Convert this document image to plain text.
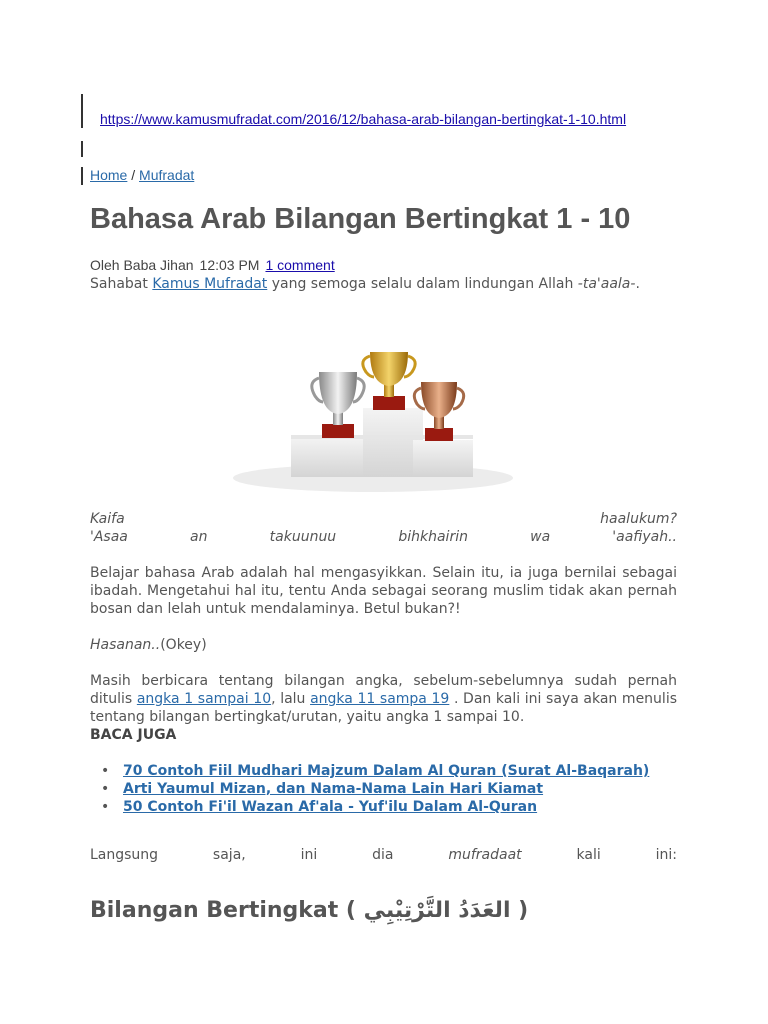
https://www.kamusmufradat.com/2016/12/bahasa-arab-bilangan-bertingkat-1-10.html
Home / Mufradat
Bahasa Arab Bilangan Bertingkat 1 - 10
Oleh Baba Jihan 12:03 PM 1 comment

Sahabat Kamus Mufradat yang semoga selalu dalam lindungan Allah -ta'aala-.

Kaifa haalukum?
'Asaa an takuunuu bihkhairin wa 'aafiyah..

Belajar bahasa Arab adalah hal mengasyikkan. Selain itu, ia juga bernilai sebagai ibadah. Mengetahui hal itu, tentu Anda sebagai seorang muslim tidak akan pernah bosan dan lelah untuk mendalaminya. Betul bukan?!

Hasanan..(Okey)

Masih berbicara tentang bilangan angka, sebelum-sebelumnya sudah pernah ditulis angka 1 sampai 10, lalu angka 11 sampa 19 . Dan kali ini saya akan menulis tentang bilangan bertingkat/urutan, yaitu angka 1 sampai 10.

BACA JUGA
• 70 Contoh Fiil Mudhari Majzum Dalam Al Quran (Surat Al-Baqarah)
• Arti Yaumul Mizan, dan Nama-Nama Lain Hari Kiamat
• 50 Contoh Fi'il Wazan Af'ala - Yuf'ilu Dalam Al-Quran

Langsung saja, ini dia mufradaat kali ini:

Bilangan Bertingkat ( العَدَدُ التَّرْتِيْبِي )
